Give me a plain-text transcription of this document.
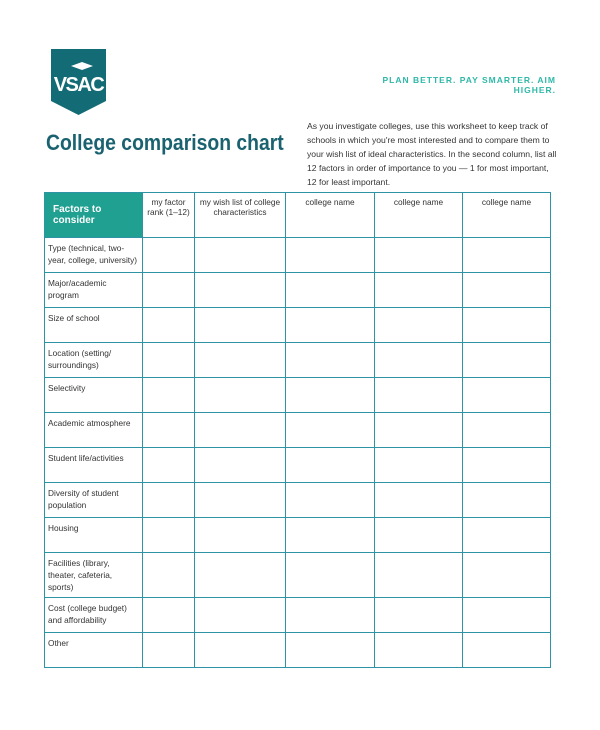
VSAC	PLAN BETTER. PAY SMARTER. AIM HIGHER.
College comparison chart
As you investigate colleges, use this worksheet to keep track of schools in which you're most interested and to compare them to your wish list of ideal characteristics. In the second column, list all 12 factors in order of importance to you — 1 for most important, 12 for least important.
Factors to consider	my factor rank (1–12)	my wish list of college characteristics	college name	college name	college name
Type (technical, two-year, college, university)					
Major/academic program					
Size of school					
Location (setting/ surroundings)					
Selectivity					
Academic atmosphere					
Student life/activities					
Diversity of student population					
Housing					
Facilities (library, theater, cafeteria, sports)					
Cost (college budget) and affordability					
Other					
